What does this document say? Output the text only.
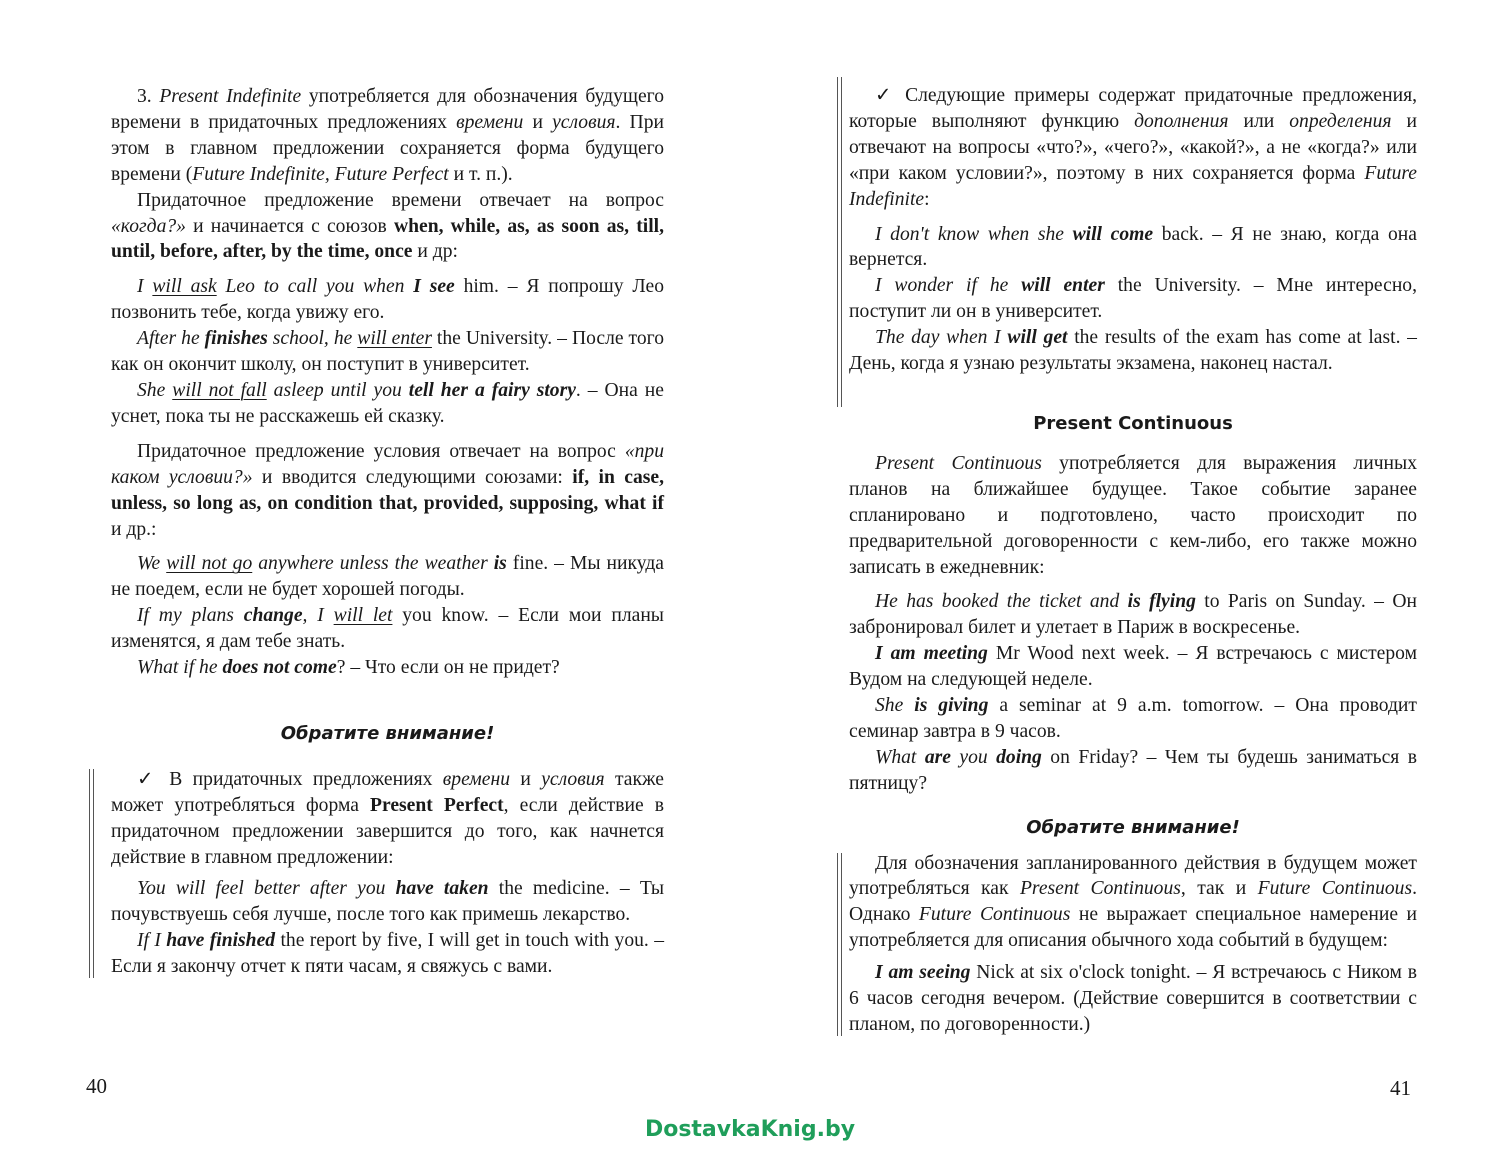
3. Present Indefinite употребляется для обозначения будущего времени в придаточных предложениях времени и условия. При этом в главном предложении сохраняется форма будущего времени (Future Indefinite, Future Perfect и т. п.).

Придаточное предложение времени отвечает на вопрос «когда?» и начинается с союзов when, while, as, as soon as, till, until, before, after, by the time, once и др:

I will ask Leo to call you when I see him. – Я попрошу Лео позвонить тебе, когда увижу его.

After he finishes school, he will enter the University. – После того как он окончит школу, он поступит в университет.

She will not fall asleep until you tell her a fairy story. – Она не уснет, пока ты не расскажешь ей сказку.

Придаточное предложение условия отвечает на вопрос «при каком условии?» и вводится следующими союзами: if, in case, unless, so long as, on condition that, provided, supposing, what if и др.:

We will not go anywhere unless the weather is fine. – Мы никуда не поедем, если не будет хорошей погоды.

If my plans change, I will let you know. – Если мои планы изменятся, я дам тебе знать.

What if he does not come? – Что если он не придет?

Обратите внимание!

✓ В придаточных предложениях времени и условия также может употребляться форма Present Perfect, если действие в придаточном предложении завершится до того, как начнется действие в главном предложении:

You will feel better after you have taken the medicine. – Ты почувствуешь себя лучше, после того как примешь лекарство.

If I have finished the report by five, I will get in touch with you. – Если я закончу отчет к пяти часам, я свяжусь с вами.

40

✓ Следующие примеры содержат придаточные предложения, которые выполняют функцию дополнения или определения и отвечают на вопросы «что?», «чего?», «какой?», а не «когда?» или «при каком условии?», поэтому в них сохраняется форма Future Indefinite:

I don't know when she will come back. – Я не знаю, когда она вернется.

I wonder if he will enter the University. – Мне интересно, поступит ли он в университет.

The day when I will get the results of the exam has come at last. – День, когда я узнаю результаты экзамена, наконец настал.

Present Continuous

Present Continuous употребляется для выражения личных планов на ближайшее будущее. Такое событие заранее спланировано и подготовлено, часто происходит по предварительной договоренности с кем-либо, его также можно записать в ежедневник:

He has booked the ticket and is flying to Paris on Sunday. – Он забронировал билет и улетает в Париж в воскресенье.

I am meeting Mr Wood next week. – Я встречаюсь с мистером Вудом на следующей неделе.

She is giving a seminar at 9 a.m. tomorrow. – Она проводит семинар завтра в 9 часов.

What are you doing on Friday? – Чем ты будешь заниматься в пятницу?

Обратите внимание!

Для обозначения запланированного действия в будущем может употребляться как Present Continuous, так и Future Continuous. Однако Future Continuous не выражает специальное намерение и употребляется для описания обычного хода событий в будущем:

I am seeing Nick at six o'clock tonight. – Я встречаюсь с Ником в 6 часов сегодня вечером. (Действие совершится в соответствии с планом, по договоренности.)

41
DostavkaKnig.by
